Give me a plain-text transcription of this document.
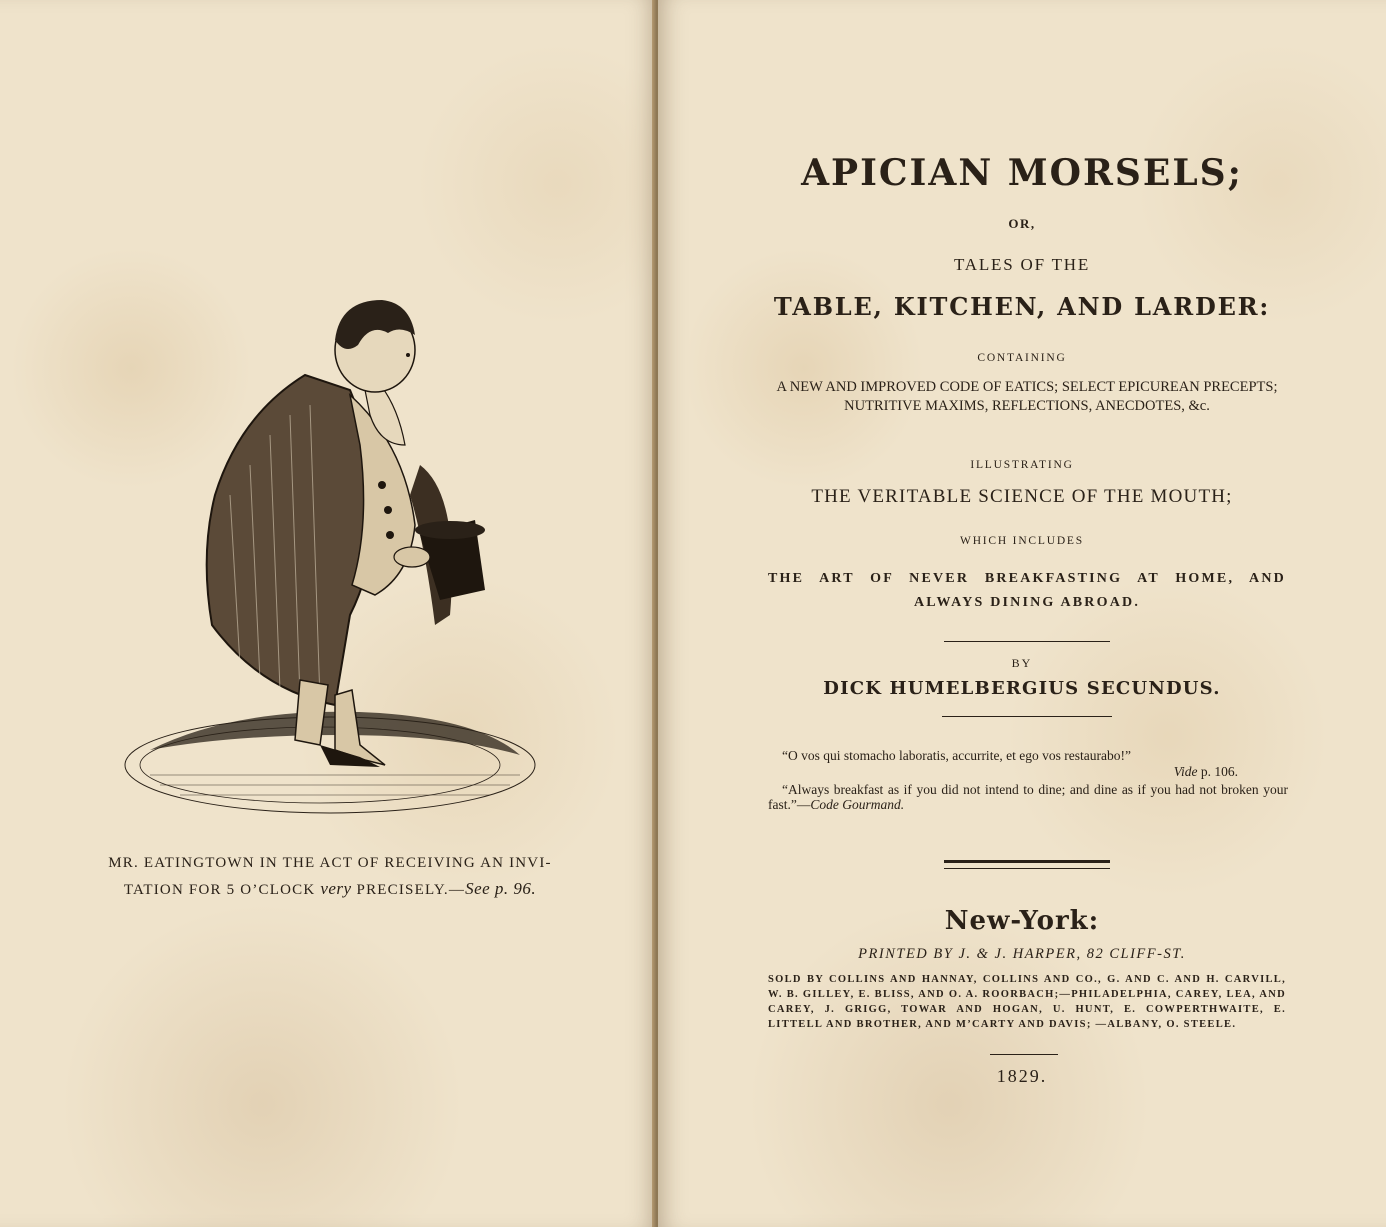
MR. EATINGTOWN IN THE ACT OF RECEIVING AN INVI-
TATION FOR 5 O’CLOCK very PRECISELY.—See p. 96.
APICIAN MORSELS;
OR,
TALES OF THE
TABLE, KITCHEN, AND LARDER:
CONTAINING
A NEW AND IMPROVED CODE OF EATICS; SELECT EPICUREAN PRECEPTS; NUTRITIVE MAXIMS, REFLECTIONS, ANECDOTES, &c.
ILLUSTRATING
THE VERITABLE SCIENCE OF THE MOUTH;
WHICH INCLUDES
THE ART OF NEVER BREAKFASTING AT HOME, AND
ALWAYS DINING ABROAD.
BY
DICK HUMELBERGIUS SECUNDUS.
“O vos qui stomacho laboratis, accurrite, et ego vos restaurabo!”
Vide p. 106.
“Always breakfast as if you did not intend to dine; and dine as if you had not broken your fast.”—Code Gourmand.
New-York:
PRINTED BY J. & J. HARPER, 82 CLIFF-ST.
SOLD BY COLLINS AND HANNAY, COLLINS AND CO., G. AND C. AND H. CARVILL, W. B. GILLEY, E. BLISS, AND O. A. ROORBACH;—PHILADELPHIA, CAREY, LEA, AND CAREY, J. GRIGG, TOWAR AND HOGAN, U. HUNT, E. COWPERTHWAITE, E. LITTELL AND BROTHER, AND M’CARTY AND DAVIS; —ALBANY, O. STEELE.
1829.
